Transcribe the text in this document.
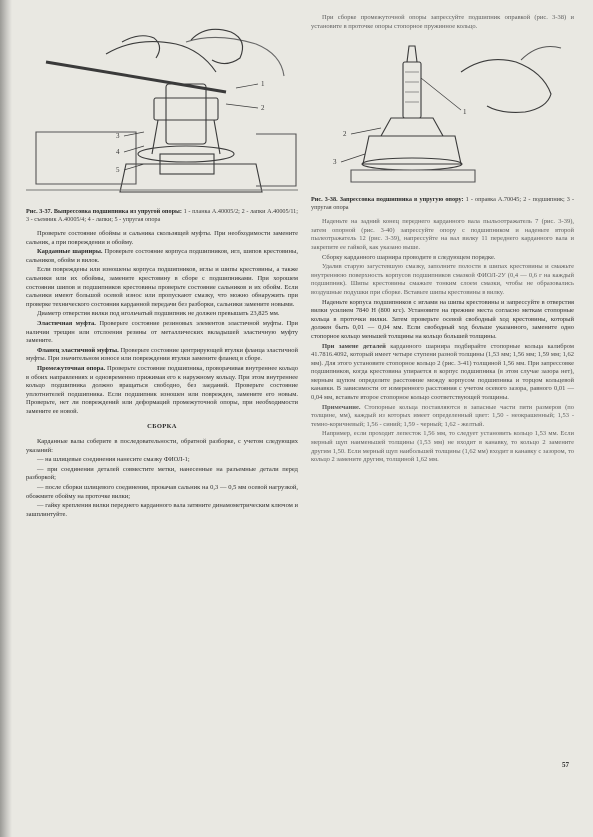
1
2
3
4
5
Рис. 3-37. Выпрессовка подшипника из упругой опоры: 1 - планка А.40005/2; 2 - лапки А.40005/11; 3 - съемник А.40005/4; 4 - лапки; 5 - упругая опора

Проверьте состояние обоймы и сальника скользящей муфты. При необходимости замените сальник, а при повреждении и обойму.

Карданные шарниры. Проверьте состояние корпуса подшипников, игл, шипов крестовины, сальников, обойм и вилок.

Если повреждены или изношены корпуса подшипников, иглы и шипы крестовины, а также сальники или их обоймы, замените крестовину в сборе с подшипниками. При хорошем состоянии шипов и подшипников крестовины проверьте состояние сальников и их обойм. Если сальники имеют большой осевой износ или пропускают смазку, что можно обнаружить при проверке технического состояния карданной передачи без разборки, сальники замените новыми.

Диаметр отверстия вилки под игольчатый подшипник не должен превышать 23,825 мм.

Эластичная муфта. Проверьте состояние резиновых элементов эластичной муфты. При наличии трещин или отслоения резины от металлических вкладышей эластичную муфту замените.

Фланец эластичной муфты. Проверьте состояние центрирующей втулки фланца эластичной муфты. При значительном износе или повреждении втулки замените фланец в сборе.

Промежуточная опора. Проверьте состояние подшипника, проворачивая внутреннее кольцо в обоих направлениях и одновременно прижимая его к наружному кольцу. При этом внутреннее кольцо подшипника должно вращаться свободно, без заеданий. Проверьте состояние уплотнителей подшипника. Если подшипник изношен или поврежден, замените его новым. Проверьте, нет ли повреждений или деформаций промежуточной опоры, при необходимости замените ее новой.

СБОРКА

Карданные валы соберите в последовательности, обратной разборке, с учетом следующих указаний:

— на шлицевые соединения нанесите смазку ФИОЛ-1;

— при соединении деталей совместите метки, нанесенные на разъемные детали перед разборкой;

— после сборки шлицевого соединения, прокачав сальник на 0,3 — 0,5 мм осевой нагрузкой, обожмите обойму на проточке вилки;

— гайку крепления вилки переднего карданного вала затяните динамометрическим ключом и зашплинтуйте.

При сборке промежуточной опоры запрессуйте подшипник оправкой (рис. 3-38) и установите в проточке опоры стопорное пружинное кольцо.

1
2
3
Рис. 3-38. Запрессовка подшипника в упругую опору: 1 - оправка А.70045; 2 - подшипник; 3 - упругая опора

Наденьте на задний конец переднего карданного вала пыльоотражатель 7 (рис. 3-39), затем опорной (рис. 3-40) запрессуйте опору с подшипником и наденьте второй пылеотражатель 12 (рис. 3-39), напрессуйте на вал вилку 11 переднего карданного вала и закрепите ее гайкой, как указано выше.

Сборку карданного шарнира проводите в следующем порядке.

Удалив старую загустевшую смазку, заполните полости в шипах крестовины и смажьте внутреннюю поверхность корпусов подшипников смазкой ФИОЛ-2У (0,4 — 0,6 г на каждый подшипник). Шипы крестовины смажьте тонким слоем смазки, чтобы не образовались воздушные подушки при сборке. Вставьте шипы крестовины в вилку.

Наденьте корпуса подшипников с иглами на шипы крестовины и запрессуйте в отверстия вилки усилием 7840 Н (800 кгс). Установите на прежние места согласно меткам стопорные кольца в проточки вилки. Затем проверьте осевой свободный ход крестовины, который должен быть 0,01 — 0,04 мм. Если свободный ход больше указанного, замените одно стопорное кольцо меньшей толщины на кольцо большей толщины.

При замене деталей карданного шарнира подбирайте стопорные кольца калибром 41.7816.4092, который имеет четыре ступени разной толщины (1,53 мм; 1,56 мм; 1,59 мм; 1,62 мм). Для этого установите стопорное кольцо 2 (рис. 3-41) толщиной 1,56 мм. При запрессовке подшипников, когда крестовина упирается в корпус подшипника (в этом случае зазора нет), мерным щупом определите расстояние между корпусом подшипника и торцом кольцевой канавки. В зависимости от измеренного расстояния с учетом осевого зазора, равного 0,01 — 0,04 мм, вставьте второе стопорное кольцо соответствующей толщины.

Примечание. Стопорные кольца поставляются в запасные части пяти размеров (по толщине, мм), каждый из которых имеет определенный цвет: 1,50 - неокрашенный; 1,53 - темно-коричневый; 1,56 - синий; 1,59 - черный; 1,62 - желтый.

Например, если проходит лепесток 1,56 мм, то следует установить кольцо 1,53 мм. Если мерный щуп наименьшей толщины (1,53 мм) не входит в канавку, то кольцо 2 замените другим 1,50. Если мерный щуп наибольшей толщины (1,62 мм) входит в канавку с зазором, то кольцо 2 замените другим, толщиной 1,62 мм.

57
